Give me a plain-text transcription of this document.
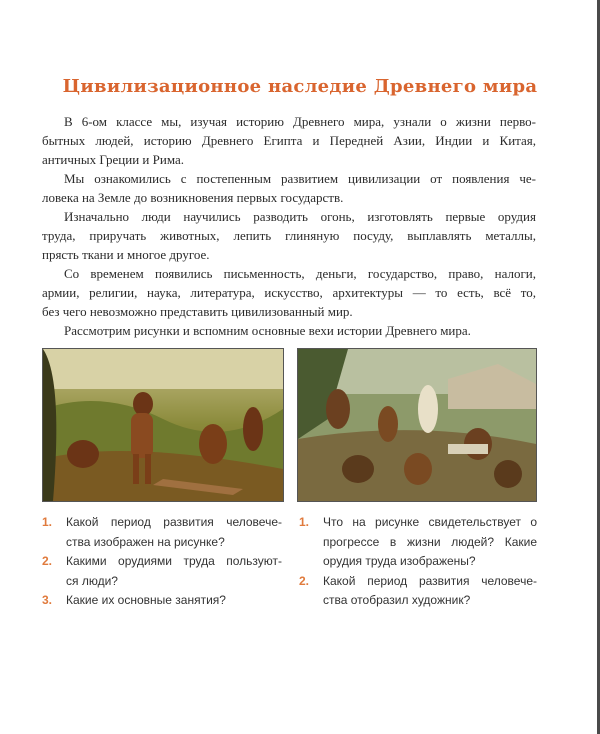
Цивилизационное наследие Древнего мира
В 6-ом классе мы, изучая историю Древнего мира, узнали о жизни перво-
бытных людей, историю Древнего Египта и Передней Азии, Индии и Китая,
античных Греции и Рима.
Мы ознакомились с постепенным развитием цивилизации от появления че-
ловека на Земле до возникновения первых государств.
Изначально люди научились разводить огонь, изготовлять первые орудия
труда, приручать животных, лепить глиняную посуду, выплавлять металлы,
прясть ткани и многое другое.
Со временем появились письменность, деньги, государство, право, налоги,
армии, религии, наука, литература, искусство, архитектуры — то есть, всё то,
без чего невозможно представить цивилизованный мир.
Рассмотрим рисунки и вспомним основные вехи истории Древнего мира.
1.	Какой период развития человече-
ства изображен на рисунке?
2.	Какими орудиями труда пользуют-
ся люди?
3.	Какие их основные занятия?
1.	Что на рисунке свидетельствует о
прогрессе в жизни людей? Какие
орудия труда изображены?
2.	Какой период развития человече-
ства отобразил художник?
